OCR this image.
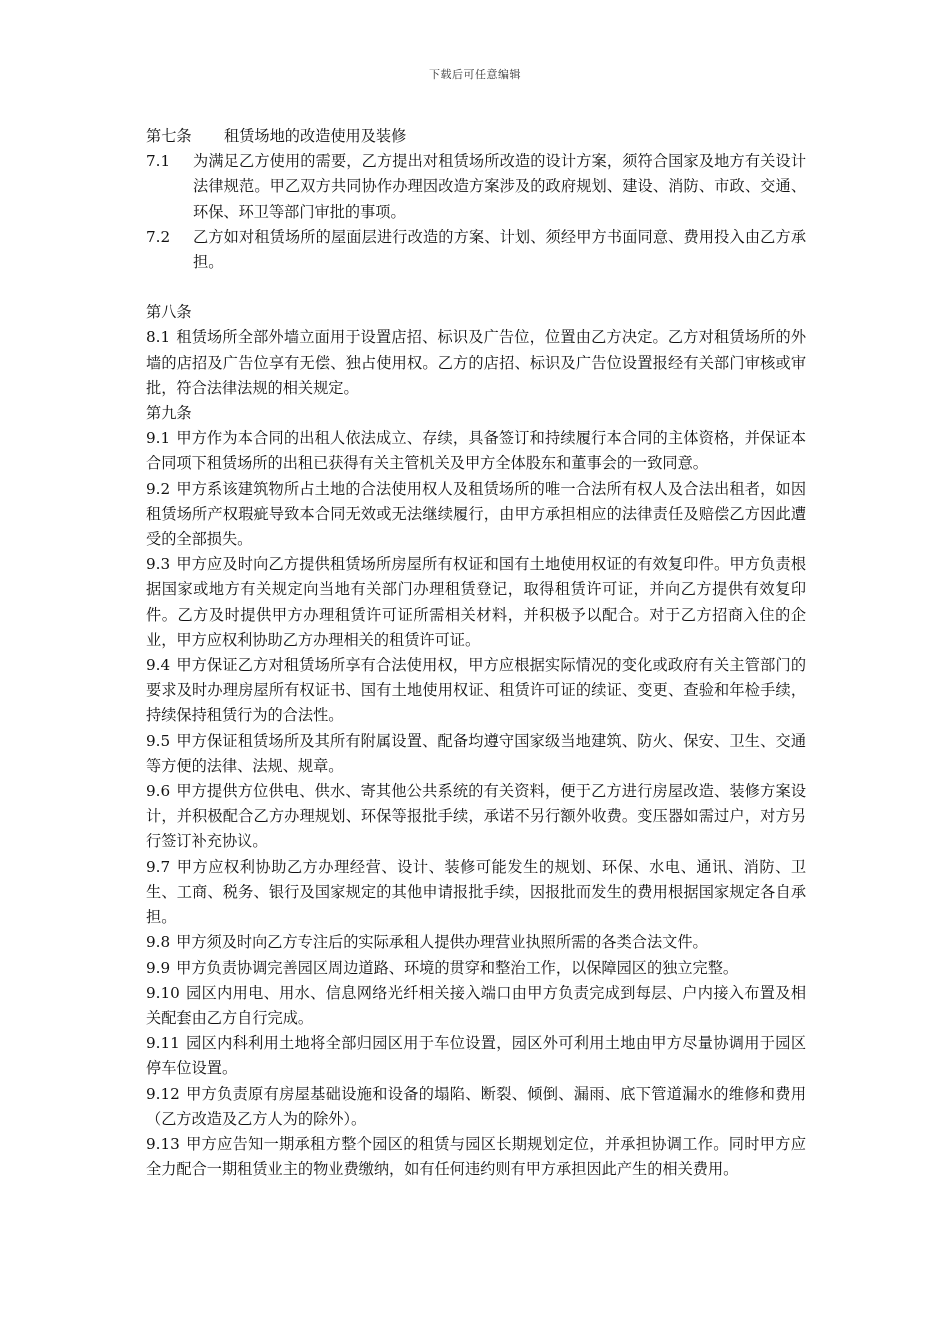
下载后可任意编辑

第七条 租赁场地的改造使用及装修

7.1	为满足乙方使用的需要，乙方提出对租赁场所改造的设计方案，须符合国家及地方有关设计法律规范。甲乙双方共同协作办理因改造方案涉及的政府规划、建设、消防、市政、交通、环保、环卫等部门审批的事项。
7.2	乙方如对租赁场所的屋面层进行改造的方案、计划、须经甲方书面同意、费用投入由乙方承担。

第八条

8.1 租赁场所全部外墙立面用于设置店招、标识及广告位，位置由乙方决定。乙方对租赁场所的外墙的店招及广告位享有无偿、独占使用权。乙方的店招、标识及广告位设置报经有关部门审核或审批，符合法律法规的相关规定。

第九条

9.1 甲方作为本合同的出租人依法成立、存续，具备签订和持续履行本合同的主体资格，并保证本合同项下租赁场所的出租已获得有关主管机关及甲方全体股东和董事会的一致同意。

9.2 甲方系该建筑物所占土地的合法使用权人及租赁场所的唯一合法所有权人及合法出租者，如因租赁场所产权瑕疵导致本合同无效或无法继续履行，由甲方承担相应的法律责任及赔偿乙方因此遭受的全部损失。

9.3 甲方应及时向乙方提供租赁场所房屋所有权证和国有土地使用权证的有效复印件。甲方负责根据国家或地方有关规定向当地有关部门办理租赁登记，取得租赁许可证，并向乙方提供有效复印件。乙方及时提供甲方办理租赁许可证所需相关材料，并积极予以配合。对于乙方招商入住的企业，甲方应权利协助乙方办理相关的租赁许可证。

9.4 甲方保证乙方对租赁场所享有合法使用权，甲方应根据实际情况的变化或政府有关主管部门的要求及时办理房屋所有权证书、国有土地使用权证、租赁许可证的续证、变更、查验和年检手续，持续保持租赁行为的合法性。

9.5 甲方保证租赁场所及其所有附属设置、配备均遵守国家级当地建筑、防火、保安、卫生、交通等方便的法律、法规、规章。

9.6 甲方提供方位供电、供水、寄其他公共系统的有关资料，便于乙方进行房屋改造、装修方案设计，并积极配合乙方办理规划、环保等报批手续，承诺不另行额外收费。变压器如需过户，对方另行签订补充协议。

9.7 甲方应权利协助乙方办理经营、设计、装修可能发生的规划、环保、水电、通讯、消防、卫生、工商、税务、银行及国家规定的其他申请报批手续，因报批而发生的费用根据国家规定各自承担。

9.8 甲方须及时向乙方专注后的实际承租人提供办理营业执照所需的各类合法文件。

9.9 甲方负责协调完善园区周边道路、环境的贯穿和整治工作，以保障园区的独立完整。

9.10 园区内用电、用水、信息网络光纤相关接入端口由甲方负责完成到每层、户内接入布置及相关配套由乙方自行完成。

9.11 园区内科利用土地将全部归园区用于车位设置，园区外可利用土地由甲方尽量协调用于园区停车位设置。

9.12 甲方负责原有房屋基础设施和设备的塌陷、断裂、倾倒、漏雨、底下管道漏水的维修和费用（乙方改造及乙方人为的除外）。

9.13 甲方应告知一期承租方整个园区的租赁与园区长期规划定位，并承担协调工作。同时甲方应全力配合一期租赁业主的物业费缴纳，如有任何违约则有甲方承担因此产生的相关费用。
